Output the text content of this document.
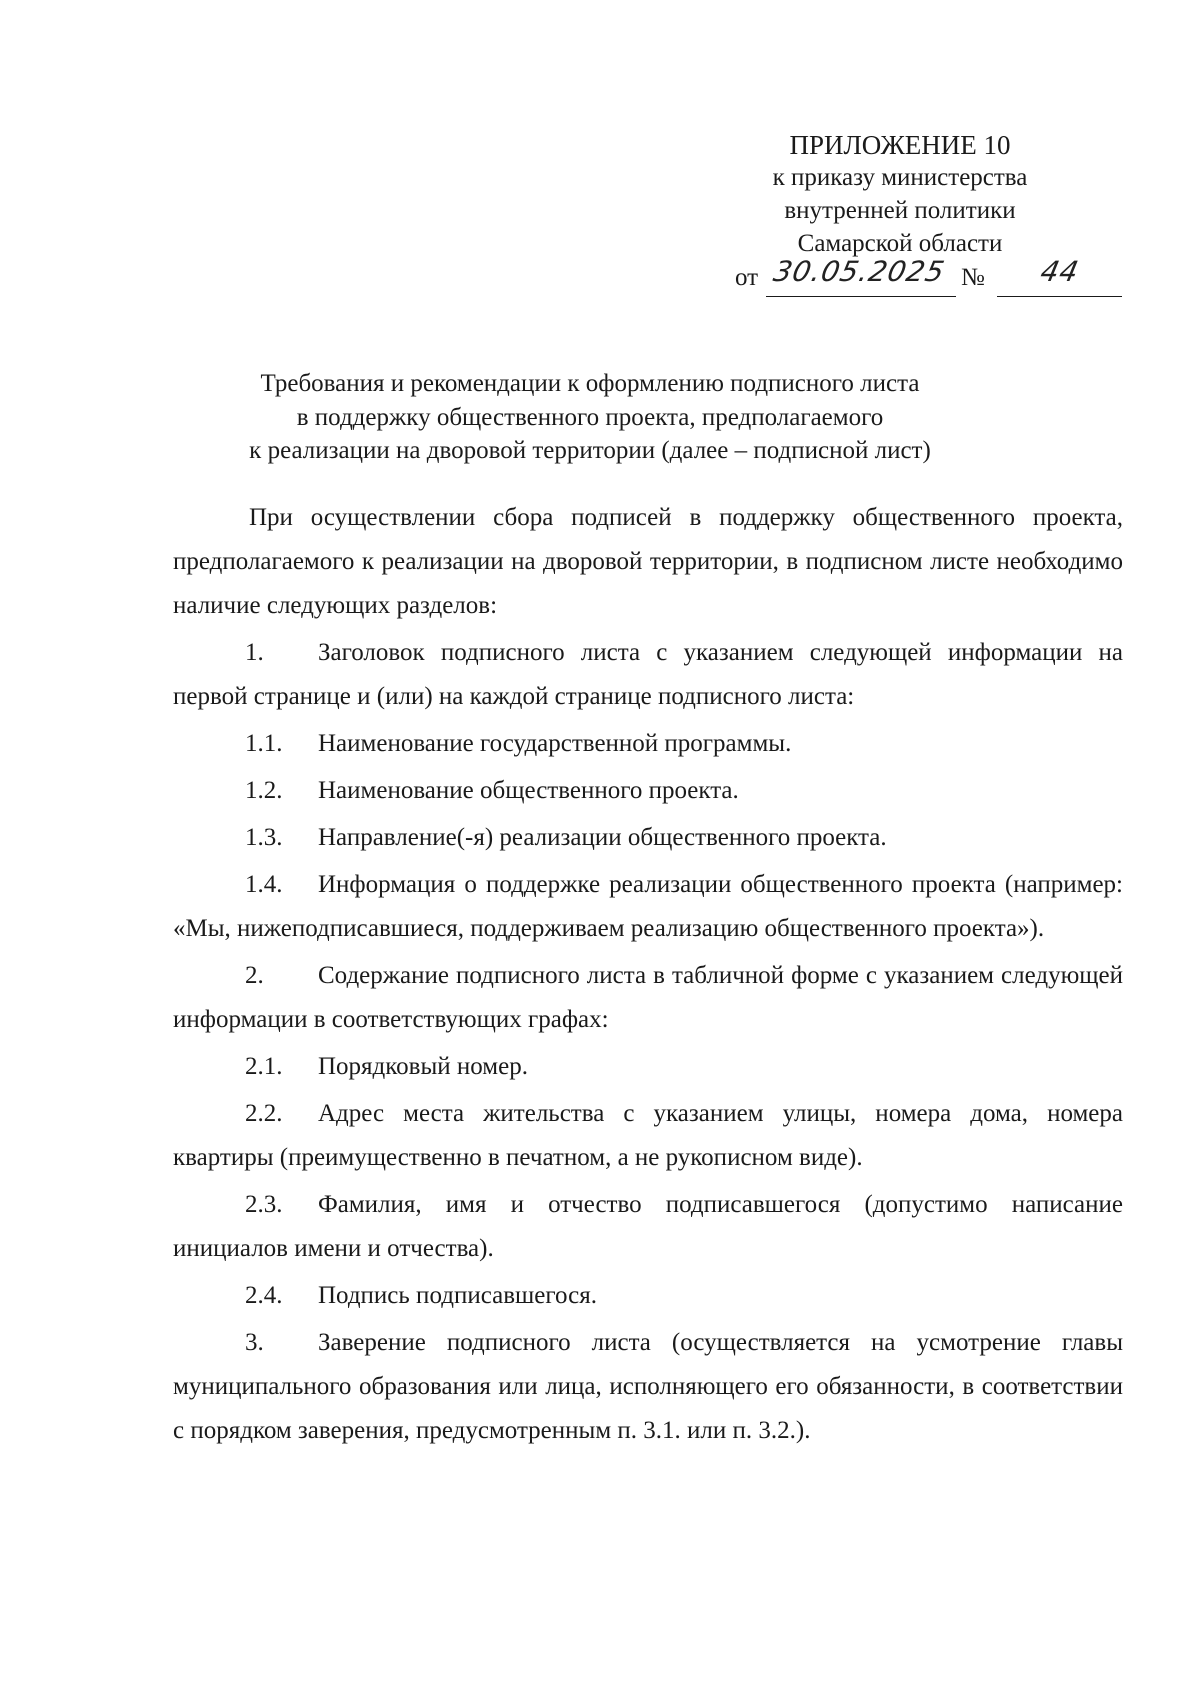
ПРИЛОЖЕНИЕ 10
к приказу министерства
внутренней политики
Самарской области
от 30.05.2025 № 44
Требования и рекомендации к оформлению подписного листа
в поддержку общественного проекта, предполагаемого
к реализации на дворовой территории (далее – подписной лист)

При осуществлении сбора подписей в поддержку общественного проекта, предполагаемого к реализации на дворовой территории, в подписном листе необходимо наличие следующих разделов:

1.	Заголовок подписного листа с указанием следующей информации на первой странице и (или) на каждой странице подписного листа:
1.1.	Наименование государственной программы.
1.2.	Наименование общественного проекта.
1.3.	Направление(-я) реализации общественного проекта.
1.4.	Информация о поддержке реализации общественного проекта (например: «Мы, нижеподписавшиеся, поддерживаем реализацию общественного проекта»).
2.	Содержание подписного листа в табличной форме с указанием следующей информации в соответствующих графах:
2.1.	Порядковый номер.
2.2.	Адрес места жительства с указанием улицы, номера дома, номера квартиры (преимущественно в печатном, а не рукописном виде).
2.3.	Фамилия, имя и отчество подписавшегося (допустимо написание инициалов имени и отчества).
2.4.	Подпись подписавшегося.
3.	Заверение подписного листа (осуществляется на усмотрение главы муниципального образования или лица, исполняющего его обязанности, в соответствии с порядком заверения, предусмотренным п. 3.1. или п. 3.2.).
